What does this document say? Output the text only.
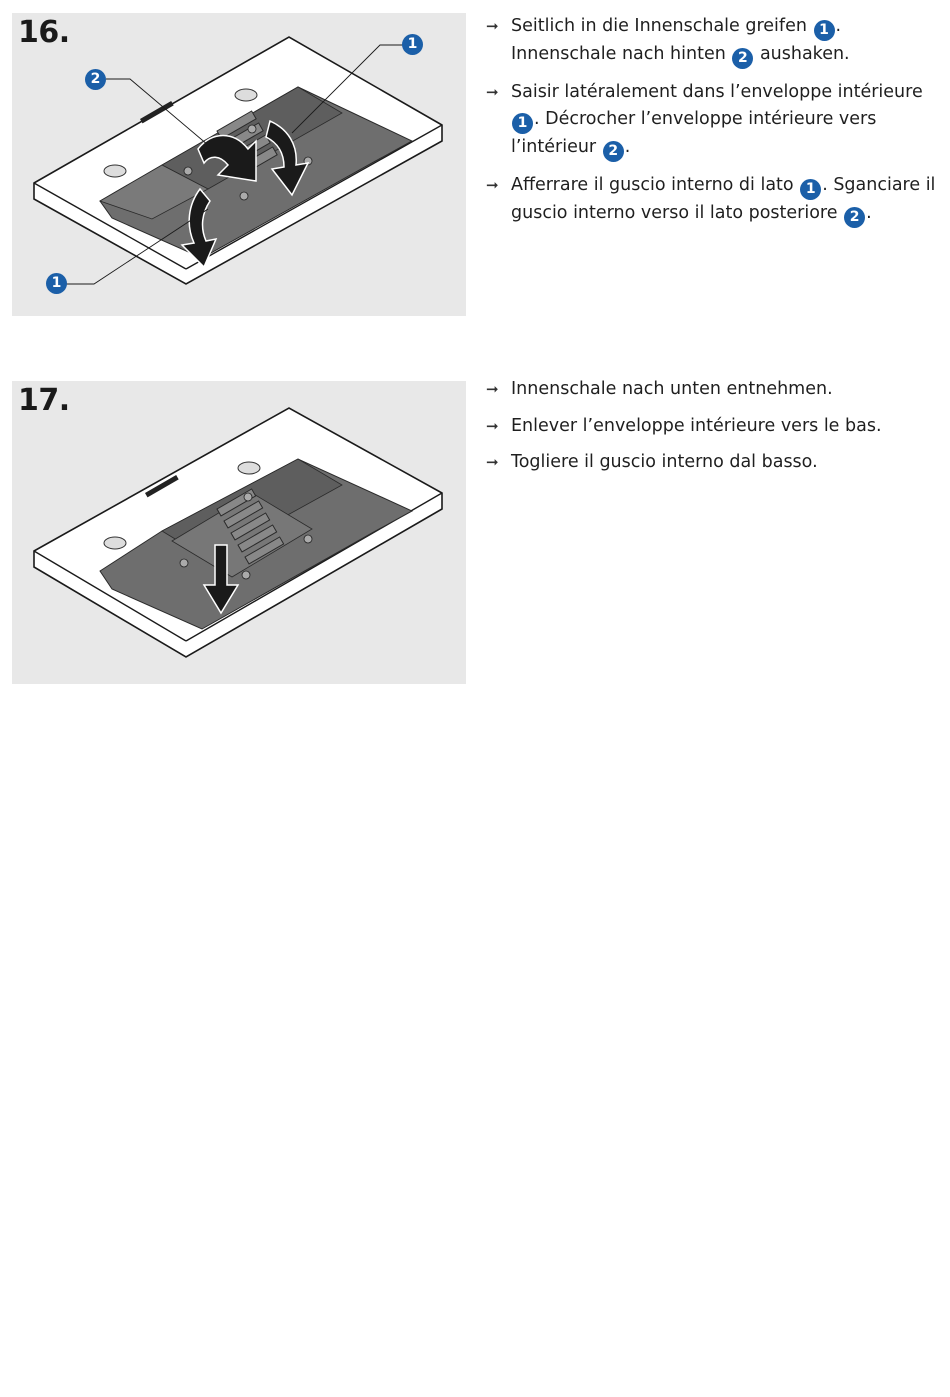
16.
2
1
1
➞ Seitlich in die Innenschale greifen 1 .
Innenschale nach hinten 2 aushaken.
➞ Saisir latéralement dans l’enveloppe intérieure 1 . Décrocher l’enveloppe intérieure vers l’intérieur 2 .
➞ Afferrare il guscio interno di lato 1 . Sganciare il guscio interno verso il lato posteriore 2 .
17.	➞ Innenschale nach unten entnehmen.
➞ Enlever l’enveloppe intérieure vers le bas.
➞ Togliere il guscio interno dal basso.
